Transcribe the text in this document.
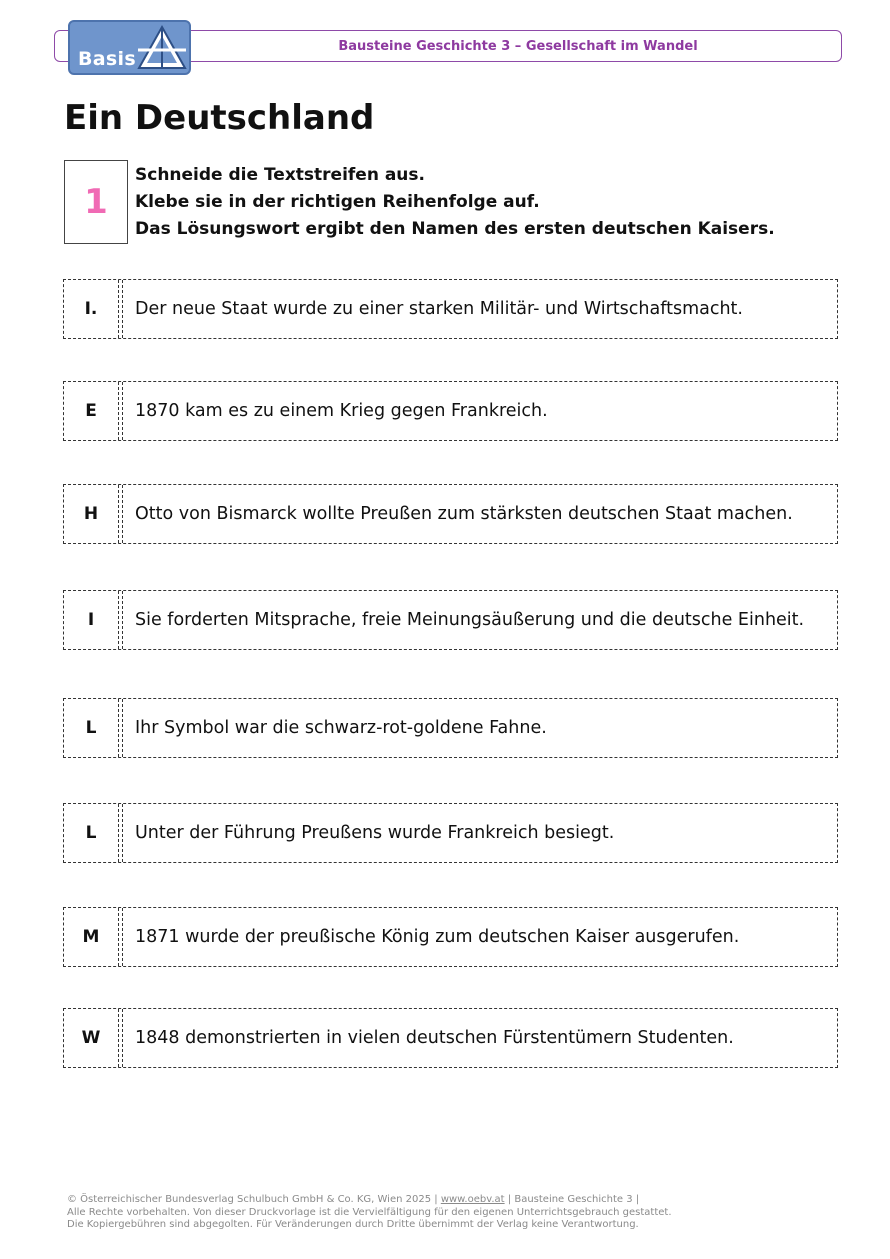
Bausteine Geschichte 3 – Gesellschaft im Wandel
Basis
Ein Deutschland
1
Schneide die Textstreifen aus.
Klebe sie in der richtigen Reihenfolge auf.
Das Lösungswort ergibt den Namen des ersten deutschen Kaisers.
I.	Der neue Staat wurde zu einer starken Militär- und Wirtschaftsmacht.
E	1870 kam es zu einem Krieg gegen Frankreich.
H	Otto von Bismarck wollte Preußen zum stärksten deutschen Staat machen.
I	Sie forderten Mitsprache, freie Meinungsäußerung und die deutsche Einheit.
L	Ihr Symbol war die schwarz-rot-goldene Fahne.
L	Unter der Führung Preußens wurde Frankreich besiegt.
M	1871 wurde der preußische König zum deutschen Kaiser ausgerufen.
W	1848 demonstrierten in vielen deutschen Fürstentümern Studenten.
© Österreichischer Bundesverlag Schulbuch GmbH & Co. KG, Wien 2025 | www.oebv.at | Bausteine Geschichte 3 |
Alle Rechte vorbehalten. Von dieser Druckvorlage ist die Vervielfältigung für den eigenen Unterrichtsgebrauch gestattet.
Die Kopiergebühren sind abgegolten. Für Veränderungen durch Dritte übernimmt der Verlag keine Verantwortung.
